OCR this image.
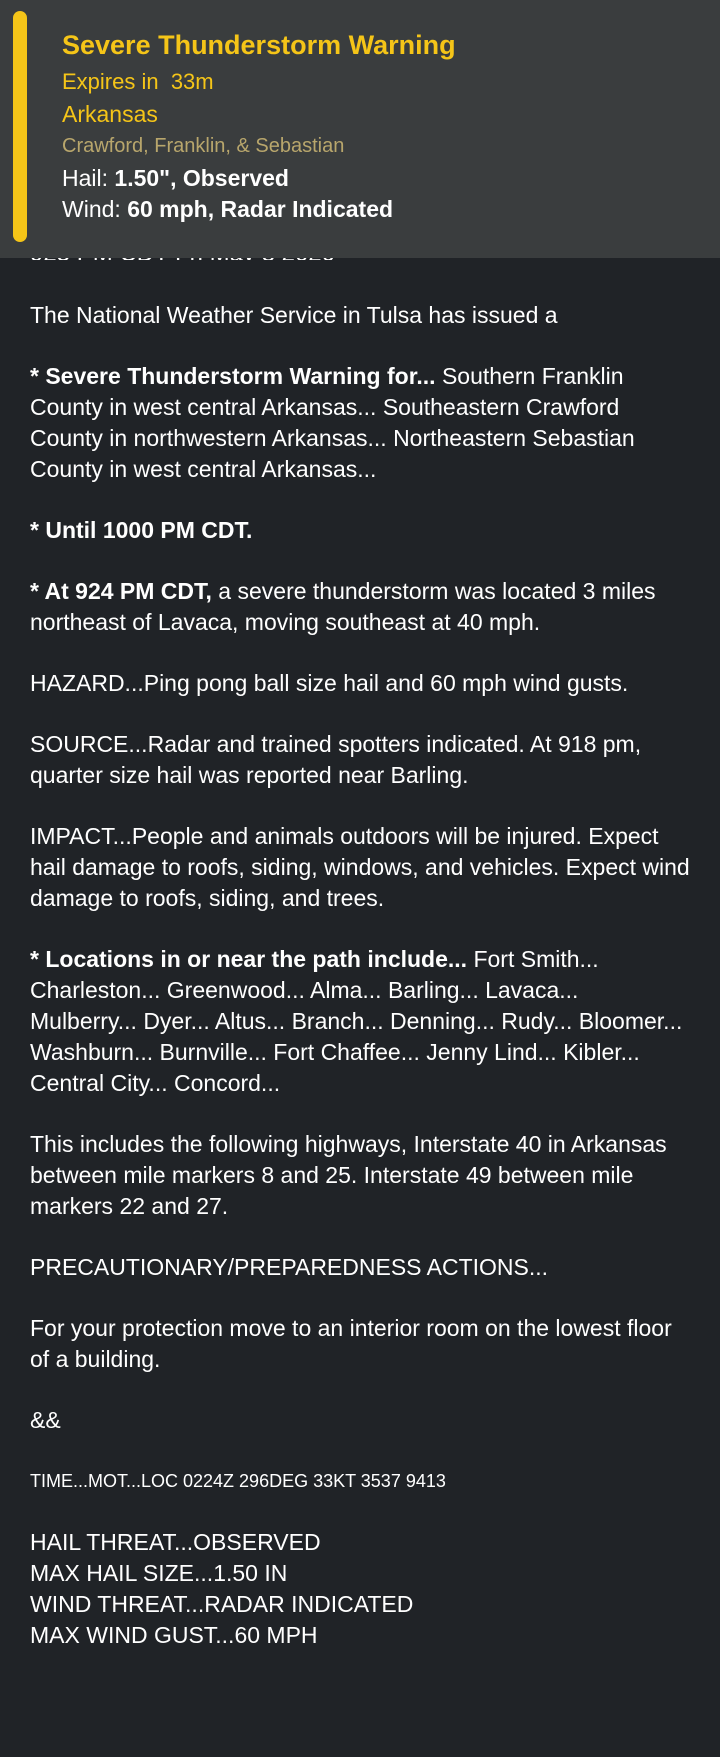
Severe Thunderstorm Warning
Expires in  33m
Arkansas
Crawford, Franklin, & Sebastian
Hail: 1.50", Observed
Wind: 60 mph, Radar Indicated

The National Weather Service in Tulsa has issued a

* Severe Thunderstorm Warning for... Southern Franklin County in west central Arkansas... Southeastern Crawford County in northwestern Arkansas... Northeastern Sebastian County in west central Arkansas...

* Until 1000 PM CDT.

* At 924 PM CDT, a severe thunderstorm was located 3 miles northeast of Lavaca, moving southeast at 40 mph.

HAZARD...Ping pong ball size hail and 60 mph wind gusts.

SOURCE...Radar and trained spotters indicated. At 918 pm, quarter size hail was reported near Barling.

IMPACT...People and animals outdoors will be injured. Expect hail damage to roofs, siding, windows, and vehicles. Expect wind damage to roofs, siding, and trees.

* Locations in or near the path include... Fort Smith... Charleston... Greenwood... Alma... Barling... Lavaca... Mulberry... Dyer... Altus... Branch... Denning... Rudy... Bloomer... Washburn... Burnville... Fort Chaffee... Jenny Lind... Kibler... Central City... Concord...

This includes the following highways, Interstate 40 in Arkansas between mile markers 8 and 25. Interstate 49 between mile markers 22 and 27.

PRECAUTIONARY/PREPAREDNESS ACTIONS...

For your protection move to an interior room on the lowest floor of a building.

&&

TIME...MOT...LOC 0224Z 296DEG 33KT 3537 9413

HAIL THREAT...OBSERVED

MAX HAIL SIZE...1.50 IN

WIND THREAT...RADAR INDICATED

MAX WIND GUST...60 MPH
